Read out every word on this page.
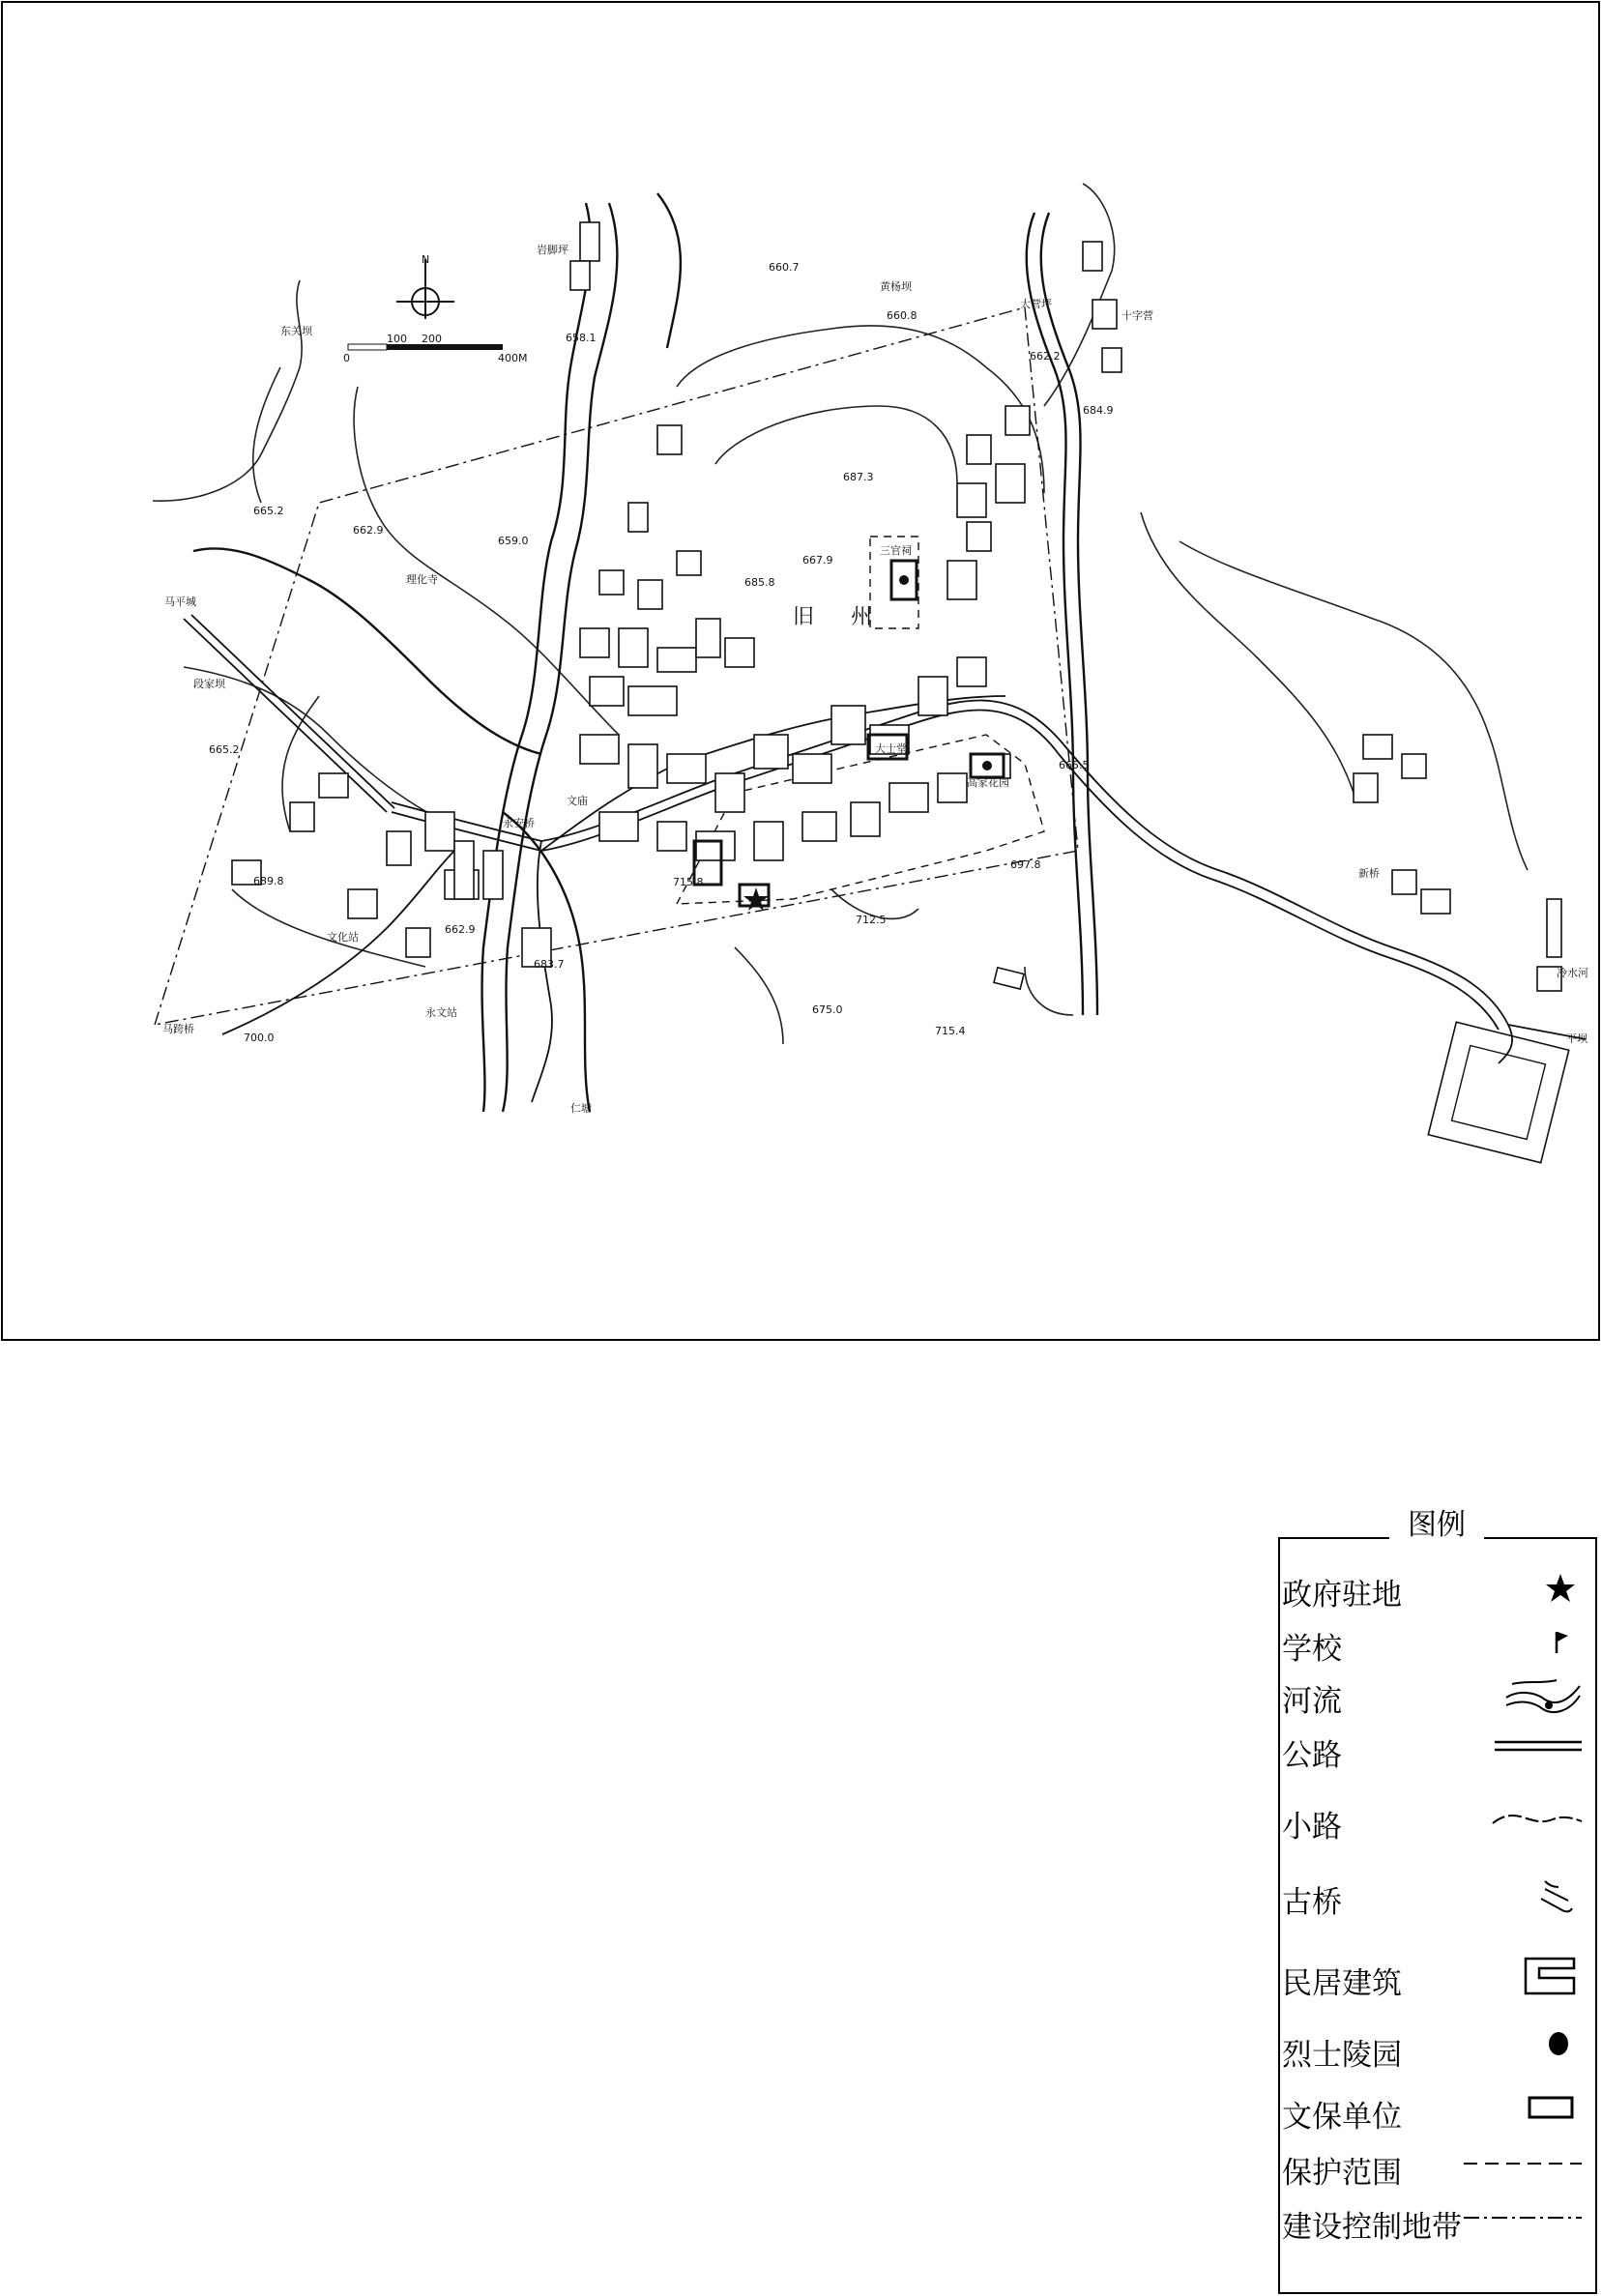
N
0
100 200
400M
旧 州
660.7
660.8
662.2
684.9
658.1
687.3
667.9
685.8
665.2
662.9
659.0
665.5
665.2
689.8
662.9
683.7
715.8
712.5
697.8
675.0
715.4
700.0
岩脚坪
黄杨坝
大营坪
十字营
东关坝
三官祠
理化寺
马平城
段家坝
文化站
永安桥
永文站
马跨桥
仁塘
文庙
大士堂
高家花园
新桥
冷水河
平坝
图例
政府驻地
学校
河流
公路
小路
古桥
民居建筑
烈士陵园
文保单位
保护范围
建设控制地带
